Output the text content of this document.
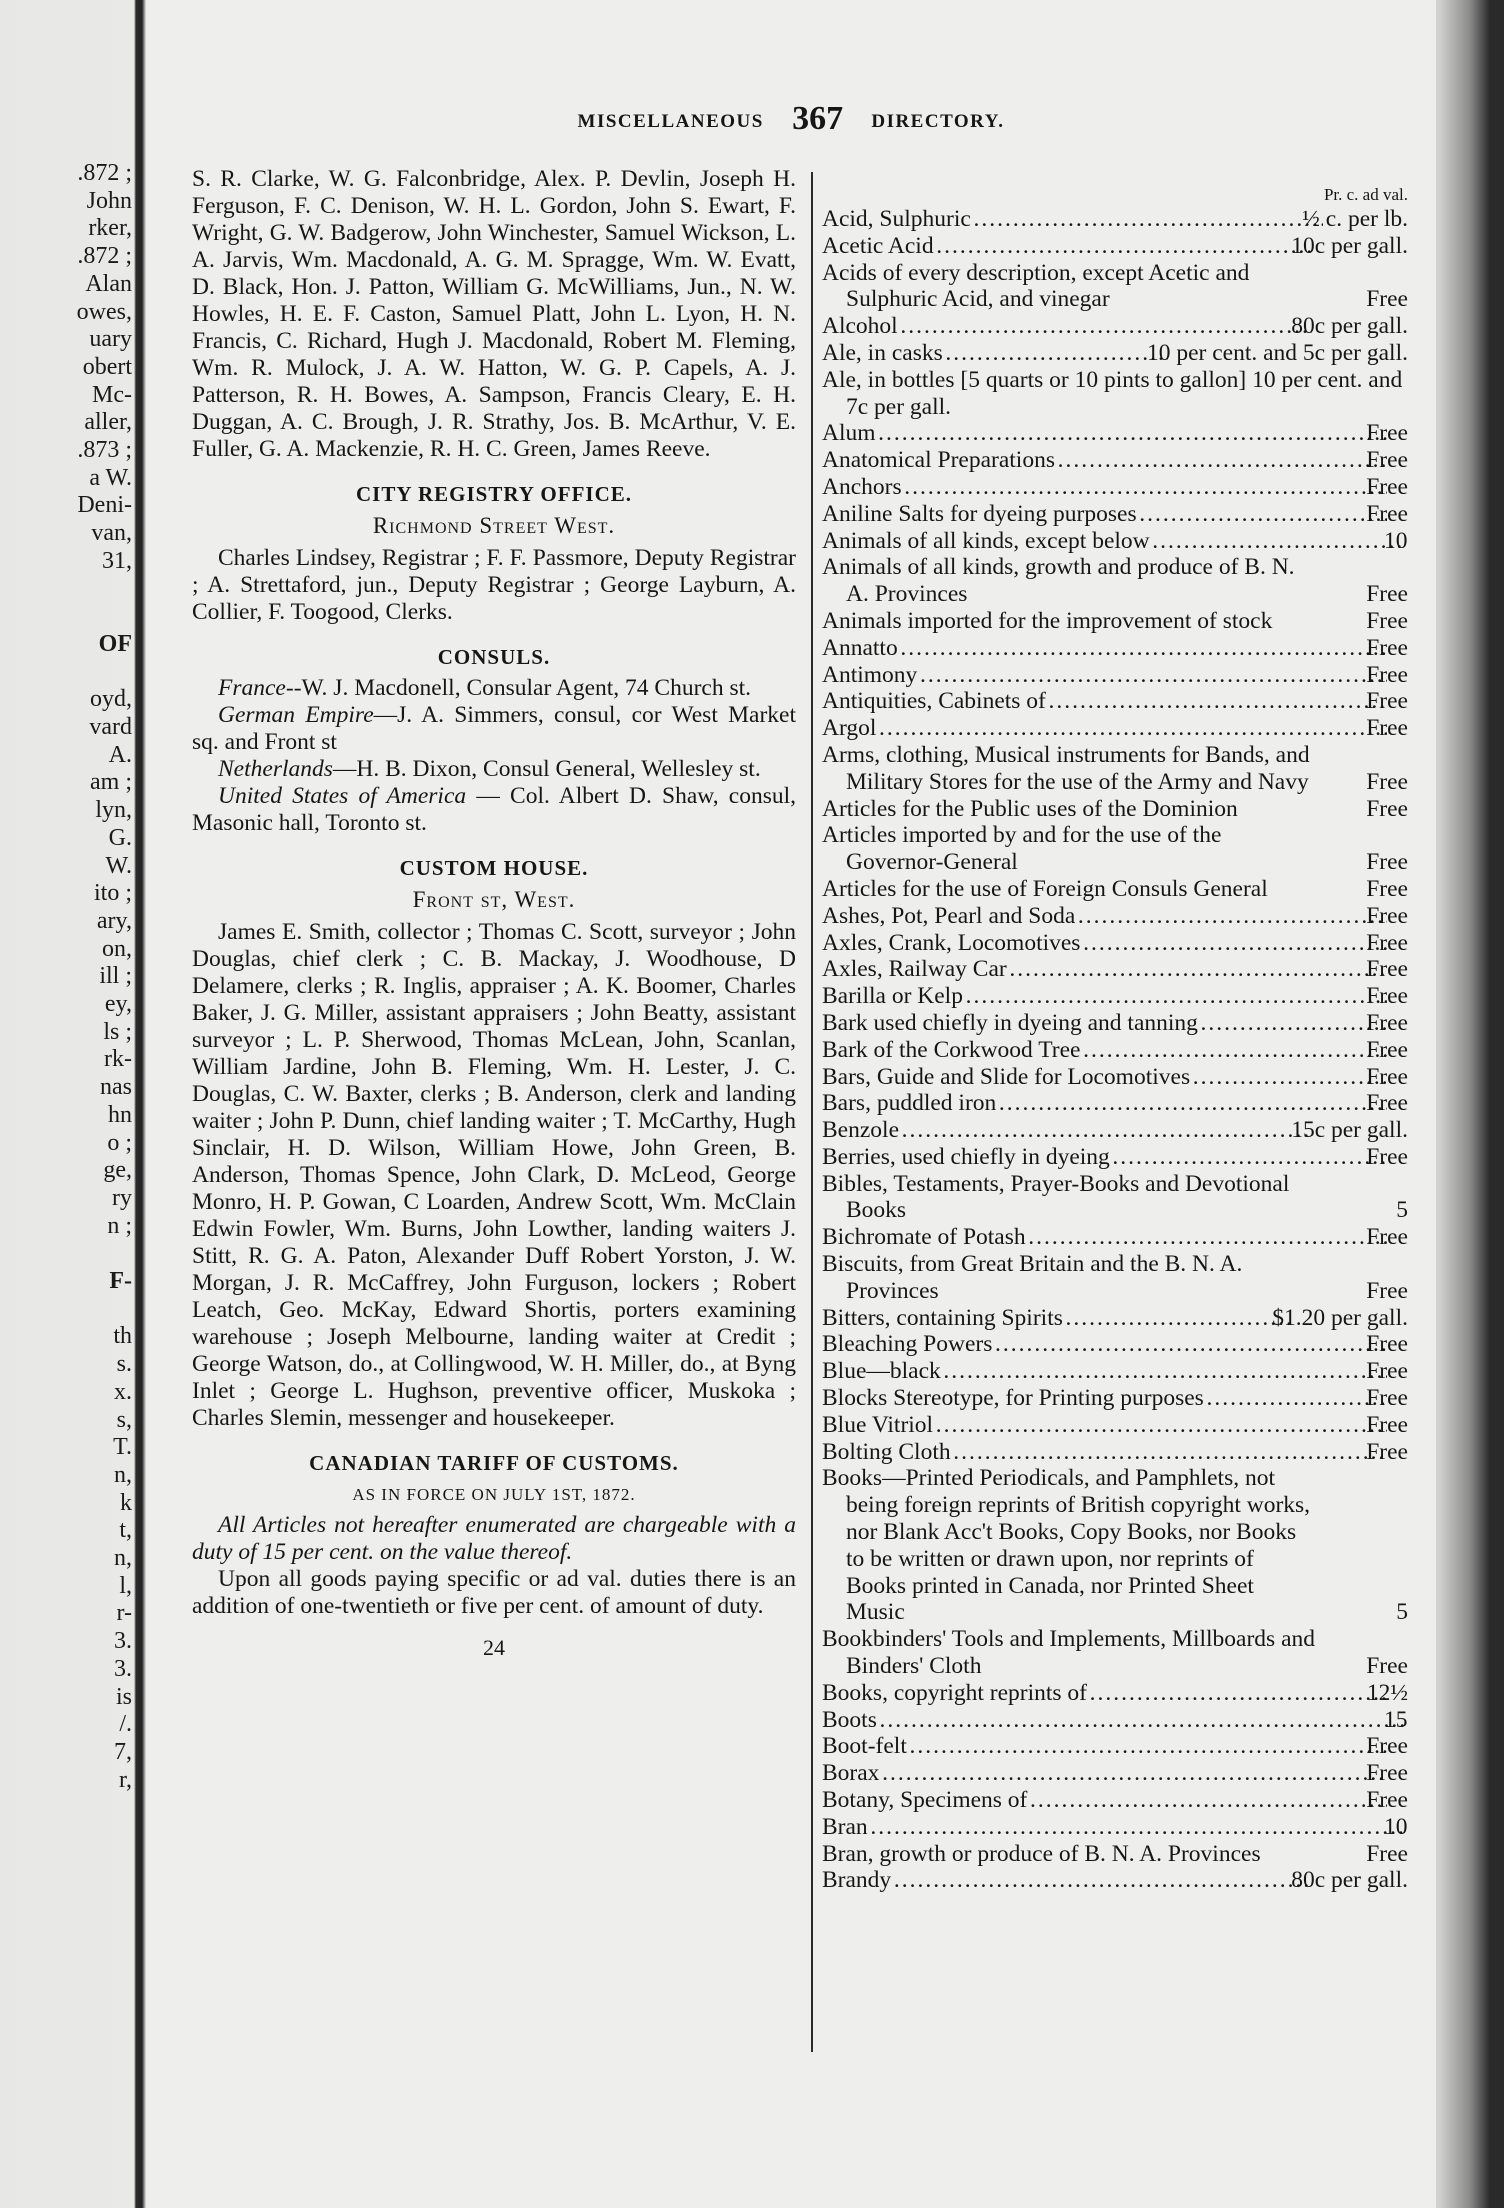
.872 ;
John
rker,
.872 ;
Alan
owes,
uary
obert
Mc-
aller,
.873 ;
a W.
Deni-
van,
31,
OF
oyd,
vard
A.
am ;
lyn,
G.
W.
ito ;
ary,
on,
ill ;
ey,
ls ;
rk-
nas
hn
o ;
ge,
ry
n ;
F-
th
s.
x.
s,
T.
n,
k
t,
n,
l,
r-
3.
3.
is
/.
7,
r,
MISCELLANEOUS 367 DIRECTORY.

S. R. Clarke, W. G. Falconbridge, Alex. P. Devlin, Joseph H. Ferguson, F. C. Denison, W. H. L. Gordon, John S. Ewart, F. Wright, G. W. Badgerow, John Winchester, Samuel Wickson, L. A. Jarvis, Wm. Macdonald, A. G. M. Spragge, Wm. W. Evatt, D. Black, Hon. J. Patton, William G. McWilliams, Jun., N. W. Howles, H. E. F. Caston, Samuel Platt, John L. Lyon, H. N. Francis, C. Richard, Hugh J. Macdonald, Robert M. Fleming, Wm. R. Mulock, J. A. W. Hatton, W. G. P. Capels, A. J. Patterson, R. H. Bowes, A. Sampson, Francis Cleary, E. H. Duggan, A. C. Brough, J. R. Strathy, Jos. B. McArthur, V. E. Fuller, G. A. Mackenzie, R. H. C. Green, James Reeve.

CITY REGISTRY OFFICE.
Richmond Street West.

Charles Lindsey, Registrar ; F. F. Passmore, Deputy Registrar ; A. Strettaford, jun., Deputy Registrar ; George Layburn, A. Collier, F. Toogood, Clerks.

CONSULS.

France--W. J. Macdonell, Consular Agent, 74 Church st.

German Empire—J. A. Simmers, consul, cor West Market sq. and Front st

Netherlands—H. B. Dixon, Consul General, Wellesley st.

United States of America — Col. Albert D. Shaw, consul, Masonic hall, Toronto st.

CUSTOM HOUSE.
Front st, West.

James E. Smith, collector ; Thomas C. Scott, surveyor ; John Douglas, chief clerk ; C. B. Mackay, J. Woodhouse, D Delamere, clerks ; R. Inglis, appraiser ; A. K. Boomer, Charles Baker, J. G. Miller, assistant appraisers ; John Beatty, assistant surveyor ; L. P. Sherwood, Thomas McLean, John, Scanlan, William Jardine, John B. Fleming, Wm. H. Lester, J. C. Douglas, C. W. Baxter, clerks ; B. Anderson, clerk and landing waiter ; John P. Dunn, chief landing waiter ; T. McCarthy, Hugh Sinclair, H. D. Wilson, William Howe, John Green, B. Anderson, Thomas Spence, John Clark, D. McLeod, George Monro, H. P. Gowan, C Loarden, Andrew Scott, Wm. McClain Edwin Fowler, Wm. Burns, John Lowther, landing waiters J. Stitt, R. G. A. Paton, Alexander Duff Robert Yorston, J. W. Morgan, J. R. McCaffrey, John Furguson, lockers ; Robert Leatch, Geo. McKay, Edward Shortis, porters examining warehouse ; Joseph Melbourne, landing waiter at Credit ; George Watson, do., at Collingwood, W. H. Miller, do., at Byng Inlet ; George L. Hughson, preventive officer, Muskoka ; Charles Slemin, messenger and housekeeper.

CANADIAN TARIFF OF CUSTOMS.
AS IN FORCE ON JULY 1ST, 1872.

All Articles not hereafter enumerated are chargeable with a duty of 15 per cent. on the value thereof.

Upon all goods paying specific or ad val. duties there is an addition of one-twentieth or five per cent. of amount of duty.

24
Pr. c. ad val.
Acid, Sulphuric .....	½ c. per lb.
Acetic Acid .....	10c per gall.
Acids of every description, except Acetic and Sulphuric Acid, and vinegar	Free
Alcohol .....	80c per gall.
Ale, in casks .....	10 per cent. and 5c per gall.
Ale, in bottles [5 quarts or 10 pints to gallon] 10 per cent. and 7c per gall.
Alum .....	Free
Anatomical Preparations .....	Free
Anchors .....	Free
Aniline Salts for dyeing purposes .....	Free
Animals of all kinds, except below .....	10
Animals of all kinds, growth and produce of B. N. A. Provinces	Free
Animals imported for the improvement of stock	Free
Annatto .....	Free
Antimony .....	Free
Antiquities, Cabinets of .....	Free
Argol .....	Free
Arms, clothing, Musical instruments for Bands, and Military Stores for the use of the Army and Navy Free
Articles for the Public uses of the Dominion	Free
Articles imported by and for the use of the Governor-General	Free
Articles for the use of Foreign Consuls General	Free
Ashes, Pot, Pearl and Soda .....	Free
Axles, Crank, Locomotives .....	Free
Axles, Railway Car .....	Free
Barilla or Kelp .....	Free
Bark used chiefly in dyeing and tanning .....	Free
Bark of the Corkwood Tree .....	Free
Bars, Guide and Slide for Locomotives .....	Free
Bars, puddled iron .....	Free
Benzole .....	15c per gall.
Berries, used chiefly in dyeing .....	Free
Bibles, Testaments, Prayer-Books and Devotional Books	5
Bichromate of Potash .....	Free
Biscuits, from Great Britain and the B. N. A. Provinces	Free
Bitters, containing Spirits .....	$1.20 per gall.
Bleaching Powers .....	Free
Blue—black .....	Free
Blocks Stereotype, for Printing purposes .....	Free
Blue Vitriol .....	Free
Bolting Cloth .....	Free
Books—Printed Periodicals, and Pamphlets, not being foreign reprints of British copyright works, nor Blank Acc't Books, Copy Books, nor Books to be written or drawn upon, nor reprints of Books printed in Canada, nor Printed Sheet Music	5
Bookbinders' Tools and Implements, Millboards and Binders' Cloth	Free
Books, copyright reprints of .....	12½
Boots .....	15
Boot-felt .....	Free
Borax .....	Free
Botany, Specimens of .....	Free
Bran .....	10
Bran, growth or produce of B. N. A. Provinces	Free
Brandy .....	80c per gall.
